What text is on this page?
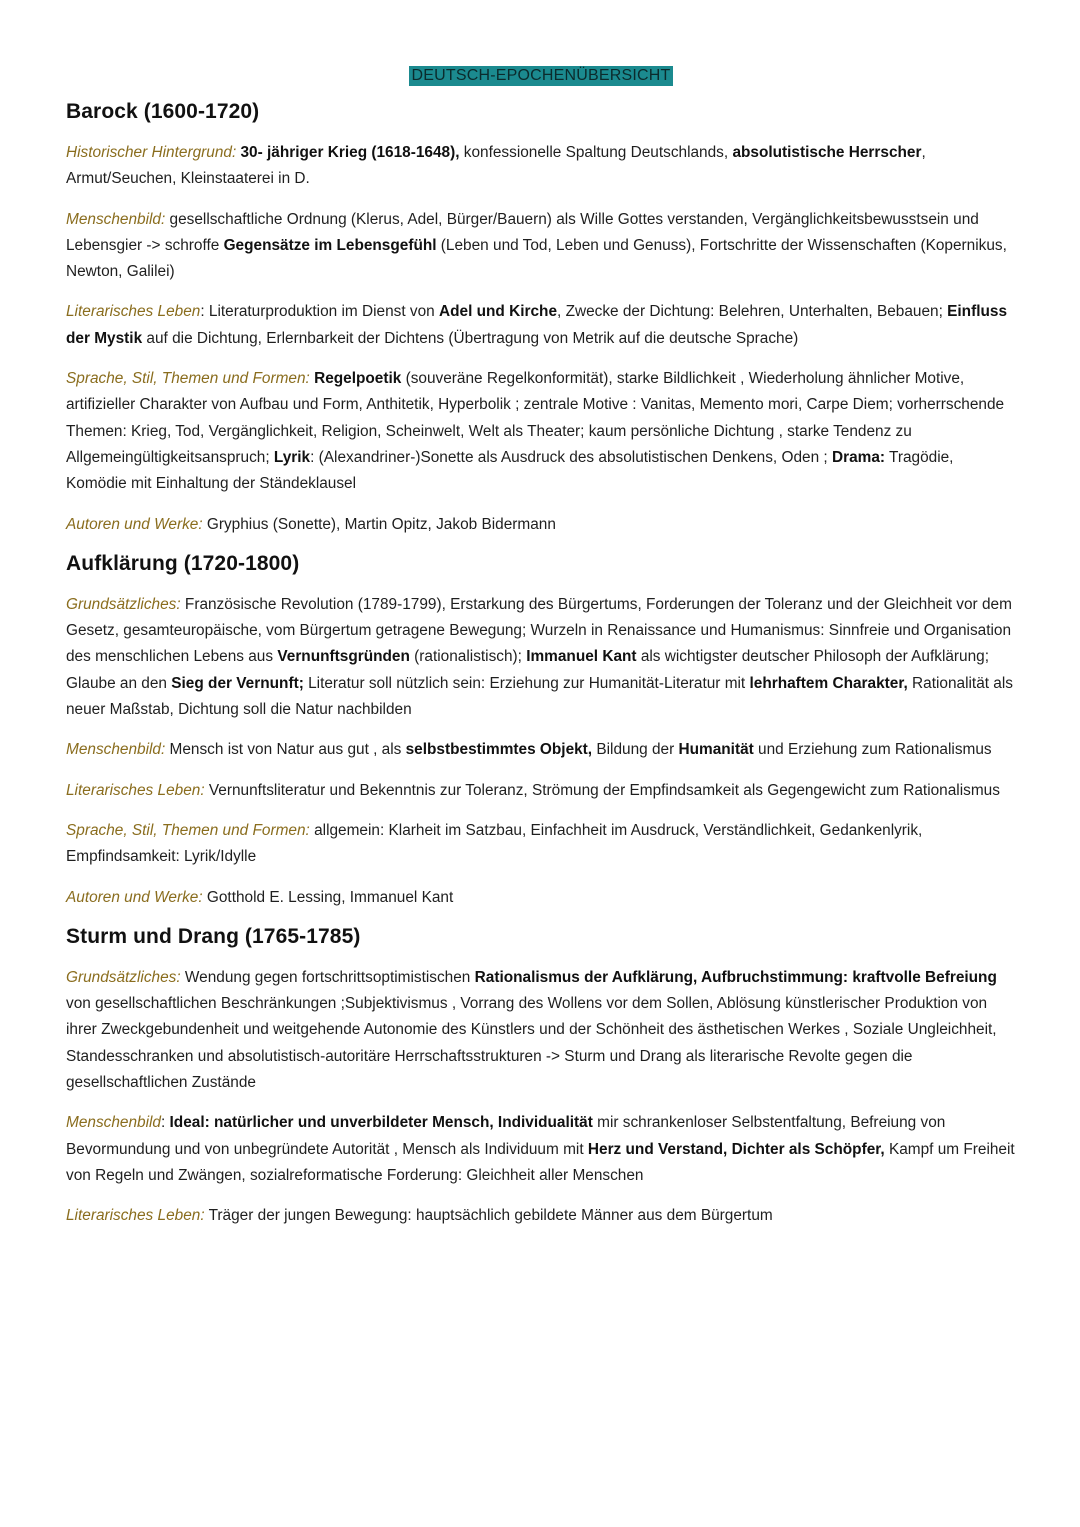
DEUTSCH-EPOCHENÜBERSICHT
Barock (1600-1720)

Historischer Hintergrund: 30- jähriger Krieg (1618-1648), konfessionelle Spaltung Deutschlands, absolutistische Herrscher, Armut/Seuchen, Kleinstaaterei in D.

Menschenbild: gesellschaftliche Ordnung (Klerus, Adel, Bürger/Bauern) als Wille Gottes verstanden, Vergänglichkeitsbewusstsein und Lebensgier -> schroffe Gegensätze im Lebensgefühl (Leben und Tod, Leben und Genuss), Fortschritte der Wissenschaften (Kopernikus, Newton, Galilei)

Literarisches Leben: Literaturproduktion im Dienst von Adel und Kirche, Zwecke der Dichtung: Belehren, Unterhalten, Bebauen; Einfluss der Mystik auf die Dichtung, Erlernbarkeit der Dichtens (Übertragung von Metrik auf die deutsche Sprache)

Sprache, Stil, Themen und Formen: Regelpoetik (souveräne Regelkonformität), starke Bildlichkeit , Wiederholung ähnlicher Motive, artifizieller Charakter von Aufbau und Form, Anthitetik, Hyperbolik ; zentrale Motive : Vanitas, Memento mori, Carpe Diem; vorherrschende Themen: Krieg, Tod, Vergänglichkeit, Religion, Scheinwelt, Welt als Theater; kaum persönliche Dichtung , starke Tendenz zu Allgemeingültigkeitsanspruch; Lyrik: (Alexandriner-)Sonette als Ausdruck des absolutistischen Denkens, Oden ; Drama: Tragödie, Komödie mit Einhaltung der Ständeklausel

Autoren und Werke: Gryphius (Sonette), Martin Opitz, Jakob Bidermann

Aufklärung (1720-1800)

Grundsätzliches: Französische Revolution (1789-1799), Erstarkung des Bürgertums, Forderungen der Toleranz und der Gleichheit vor dem Gesetz, gesamteuropäische, vom Bürgertum getragene Bewegung; Wurzeln in Renaissance und Humanismus: Sinnfreie und Organisation des menschlichen Lebens aus Vernunftsgründen (rationalistisch); Immanuel Kant als wichtigster deutscher Philosoph der Aufklärung; Glaube an den Sieg der Vernunft; Literatur soll nützlich sein: Erziehung zur Humanität-Literatur mit lehrhaftem Charakter, Rationalität als neuer Maßstab, Dichtung soll die Natur nachbilden

Menschenbild: Mensch ist von Natur aus gut , als selbstbestimmtes Objekt, Bildung der Humanität und Erziehung zum Rationalismus

Literarisches Leben: Vernunftsliteratur und Bekenntnis zur Toleranz, Strömung der Empfindsamkeit als Gegengewicht zum Rationalismus

Sprache, Stil, Themen und Formen: allgemein: Klarheit im Satzbau, Einfachheit im Ausdruck, Verständlichkeit, Gedankenlyrik, Empfindsamkeit: Lyrik/Idylle

Autoren und Werke: Gotthold E. Lessing, Immanuel Kant

Sturm und Drang (1765-1785)

Grundsätzliches: Wendung gegen fortschrittsoptimistischen Rationalismus der Aufklärung, Aufbruchstimmung: kraftvolle Befreiung von gesellschaftlichen Beschränkungen ;Subjektivismus , Vorrang des Wollens vor dem Sollen, Ablösung künstlerischer Produktion von ihrer Zweckgebundenheit und weitgehende Autonomie des Künstlers und der Schönheit des ästhetischen Werkes , Soziale Ungleichheit, Standesschranken und absolutistisch-autoritäre Herrschaftsstrukturen -> Sturm und Drang als literarische Revolte gegen die gesellschaftlichen Zustände

Menschenbild: Ideal: natürlicher und unverbildeter Mensch, Individualität mir schrankenloser Selbstentfaltung, Befreiung von Bevormundung und von unbegründete Autorität , Mensch als Individuum mit Herz und Verstand, Dichter als Schöpfer, Kampf um Freiheit von Regeln und Zwängen, sozialreformatische Forderung: Gleichheit aller Menschen

Literarisches Leben: Träger der jungen Bewegung: hauptsächlich gebildete Männer aus dem Bürgertum
